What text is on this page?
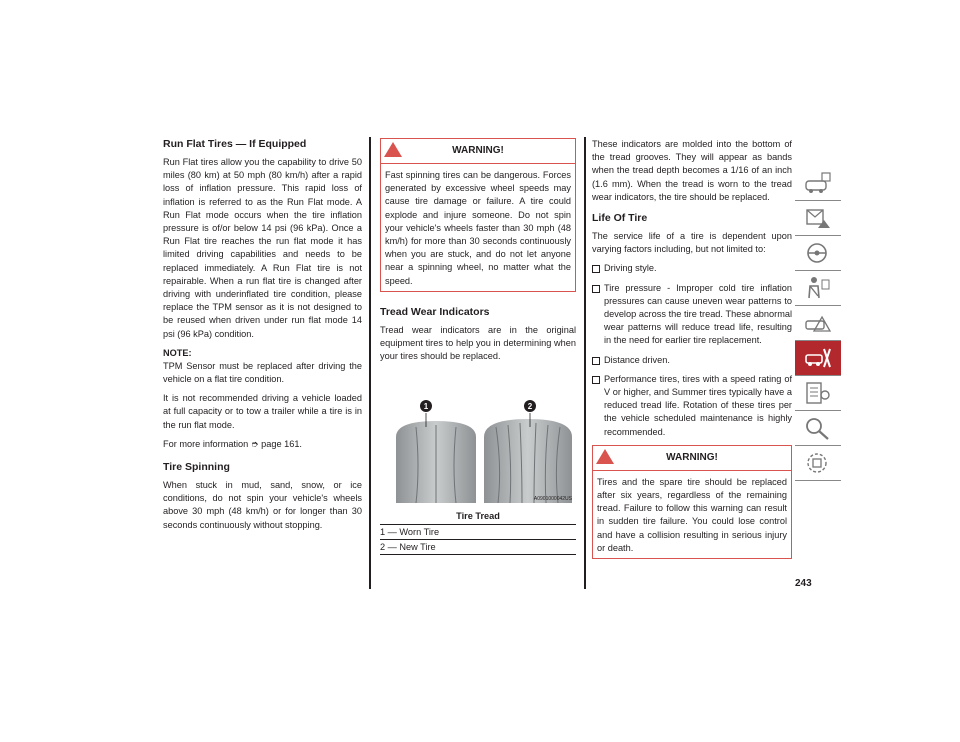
Run Flat Tires — If Equipped

Run Flat tires allow you the capability to drive 50 miles (80 km) at 50 mph (80 km/h) after a rapid loss of inflation pressure. This rapid loss of inflation is referred to as the Run Flat mode. A Run Flat mode occurs when the tire inflation pressure is of/or below 14 psi (96 kPa). Once a Run Flat tire reaches the run flat mode it has limited driving capabilities and needs to be replaced immediately. A Run Flat tire is not repairable. When a run flat tire is changed after driving with underinflated tire condition, please replace the TPM sensor as it is not designed to be reused when driven under run flat mode 14 psi (96 kPa) condition.

NOTE:

TPM Sensor must be replaced after driving the vehicle on a flat tire condition.

It is not recommended driving a vehicle loaded at full capacity or to tow a trailer while a tire is in the run flat mode.

For more information ➮ page 161.

Tire Spinning

When stuck in mud, sand, snow, or ice conditions, do not spin your vehicle's wheels above 30 mph (48 km/h) or for longer than 30 seconds continuously without stopping.

WARNING!

Fast spinning tires can be dangerous. Forces generated by excessive wheel speeds may cause tire damage or failure. A tire could explode and injure someone. Do not spin your vehicle's wheels faster than 30 mph (48 km/h) for more than 30 seconds continuously when you are stuck, and do not let anyone near a spinning wheel, no matter what the speed.

Tread Wear Indicators

Tread wear indicators are in the original equipment tires to help you in determining when your tires should be replaced.

1	2
A0901000042US
Tire Tread
1 — Worn Tire
2 — New Tire

These indicators are molded into the bottom of the tread grooves. They will appear as bands when the tread depth becomes a 1/16 of an inch (1.6 mm). When the tread is worn to the tread wear indicators, the tire should be replaced.

Life Of Tire

The service life of a tire is dependent upon varying factors including, but not limited to:

Driving style.
Tire pressure - Improper cold tire inflation pressures can cause uneven wear patterns to develop across the tire tread. These abnormal wear patterns will reduce tread life, resulting in the need for earlier tire replacement.
Distance driven.
Performance tires, tires with a speed rating of V or higher, and Summer tires typically have a reduced tread life. Rotation of these tires per the vehicle scheduled maintenance is highly recommended.
WARNING!

Tires and the spare tire should be replaced after six years, regardless of the remaining tread. Failure to follow this warning can result in sudden tire failure. You could lose control and have a collision resulting in serious injury or death.

243
